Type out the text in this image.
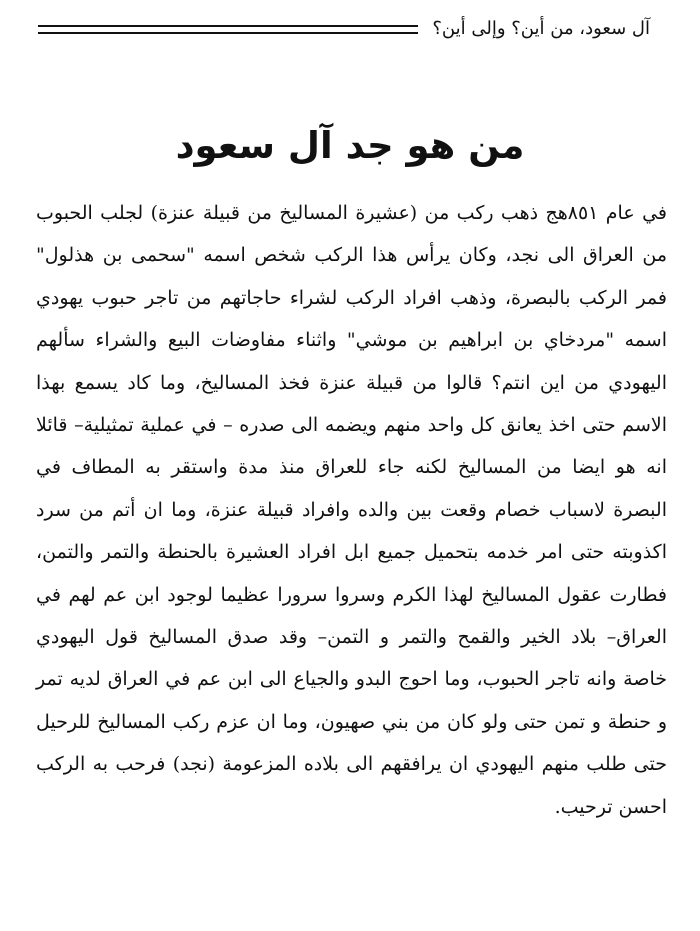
آل سعود، من أين؟ وإلى أين؟
من هو جد آل سعود

في عام ٨٥١هج ذهب ركب من (عشيرة المساليخ من قبيلة عنزة) لجلب الحبوب من العراق الى نجد، وكان يرأس هذا الركب شخص اسمه "سحمى بن هذلول" فمر الركب بالبصرة، وذهب افراد الركب لشراء حاجاتهم من تاجر حبوب يهودي اسمه "مردخاي بن ابراهيم بن موشي" واثناء مفاوضات البيع والشراء سألهم اليهودي من اين انتم؟ قالوا من قبيلة عنزة فخذ المساليخ، وما كاد يسمع بهذا الاسم حتى اخذ يعانق كل واحد منهم ويضمه الى صدره – في عملية تمثيلية– قائلا انه هو ايضا من المساليخ لكنه جاء للعراق منذ مدة واستقر به المطاف في البصرة لاسباب خصام وقعت بين والده وافراد قبيلة عنزة، وما ان أتم من سرد اكذوبته حتى امر خدمه بتحميل جميع ابل افراد العشيرة بالحنطة والتمر والتمن، فطارت عقول المساليخ لهذا الكرم وسروا سرورا عظيما لوجود ابن عم لهم في العراق– بلاد الخير والقمح والتمر و التمن– وقد صدق المساليخ قول اليهودي خاصة وانه تاجر الحبوب، وما احوج البدو والجياع الى ابن عم في العراق لديه تمر و حنطة و تمن حتى ولو كان من بني صهيون، وما ان عزم ركب المساليخ للرحيل حتى طلب منهم اليهودي ان يرافقهم الى بلاده المزعومة (نجد) فرحب به الركب احسن ترحيب.
